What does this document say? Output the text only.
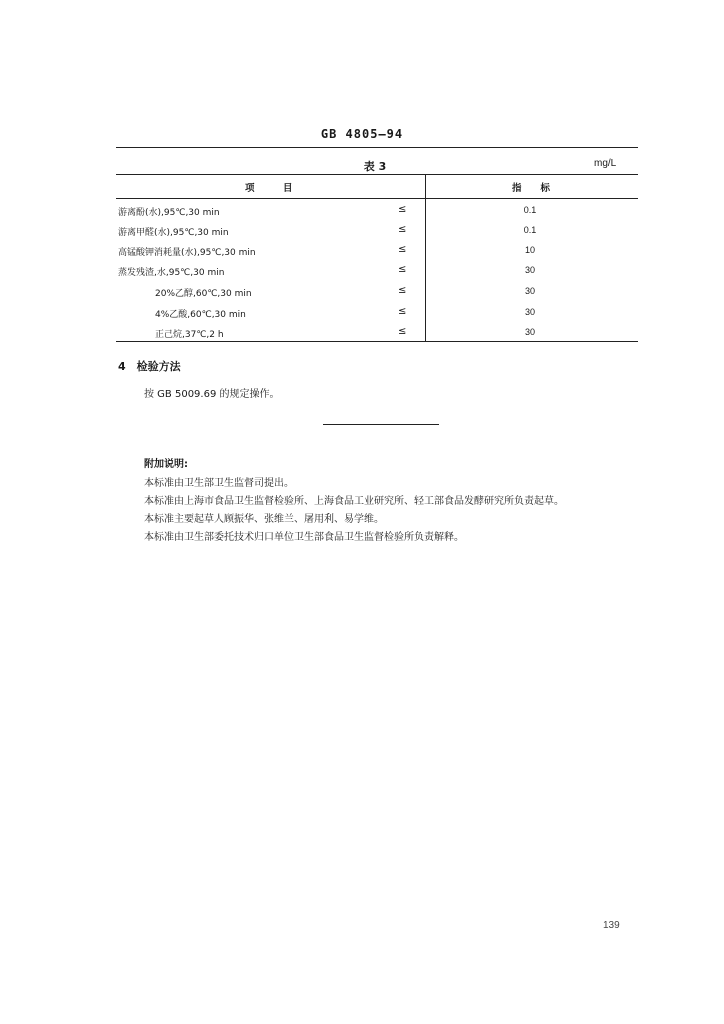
GB 4805—94
表 3	mg/L
项　　　目	指　　标
游离酚(水),95℃,30 min	≤	0.1
游离甲醛(水),95℃,30 min	≤	0.1
高锰酸钾消耗量(水),95℃,30 min	≤	10
蒸发残渣,水,95℃,30 min	≤	30
20%乙醇,60℃,30 min	≤	30
4%乙酸,60℃,30 min	≤	30
正己烷,37℃,2 h	≤	30
4　检验方法
按 GB 5009.69 的规定操作。
附加说明:
本标准由卫生部卫生监督司提出。
本标准由上海市食品卫生监督检验所、上海食品工业研究所、轻工部食品发酵研究所负责起草。
本标准主要起草人顾振华、张维兰、屠用利、易学维。
本标准由卫生部委托技术归口单位卫生部食品卫生监督检验所负责解释。
139
